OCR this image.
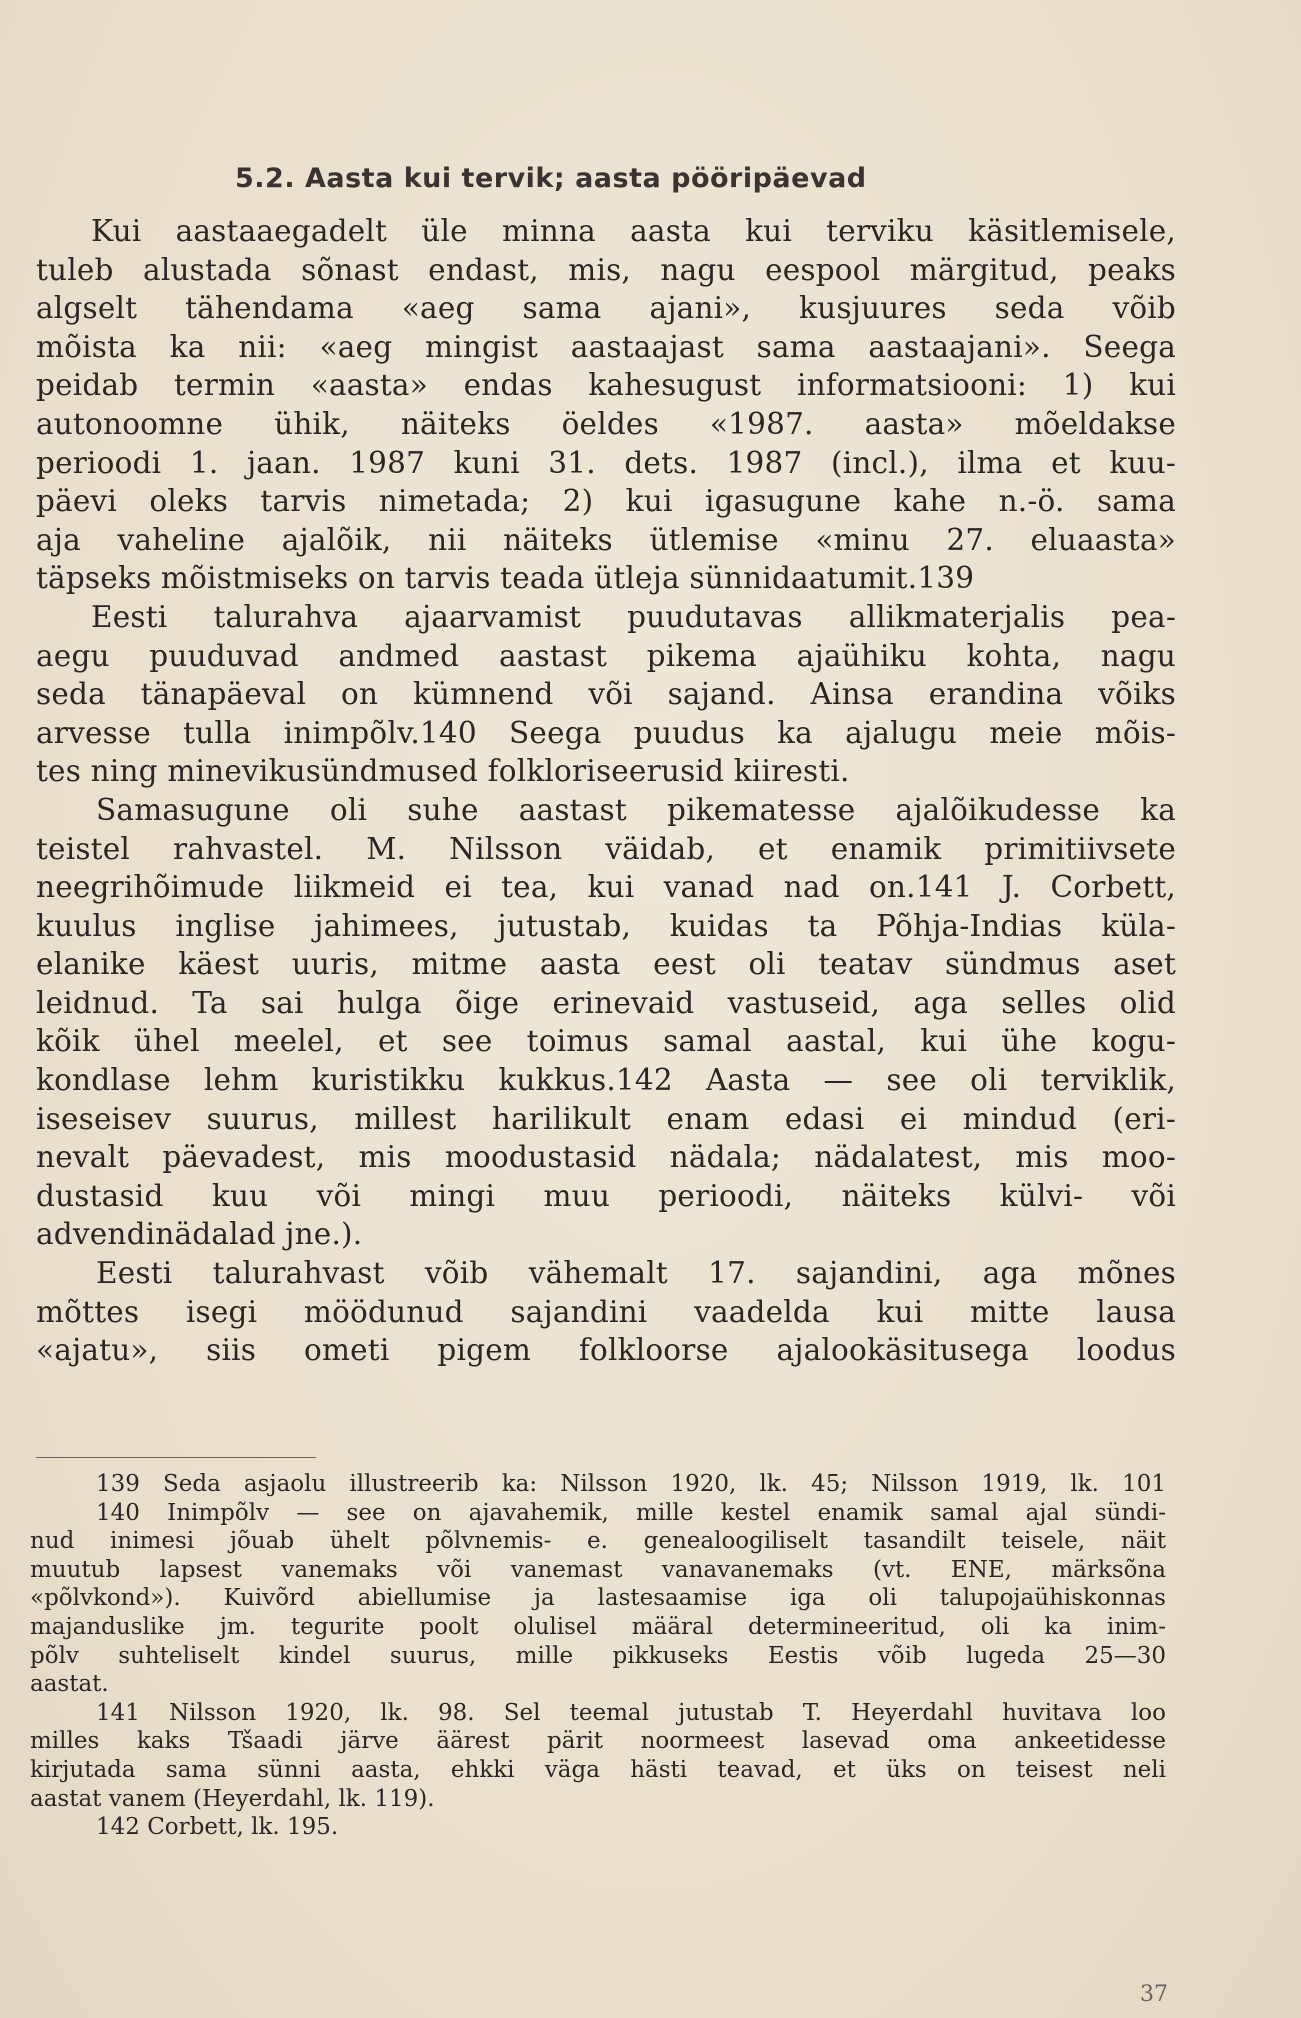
5.2. Aasta kui tervik; aasta pööripäevad
Kui aastaaegadelt üle minna aasta kui terviku käsitlemisele,
tuleb alustada sõnast endast, mis, nagu eespool märgitud, peaks
algselt tähendama «aeg sama ajani», kusjuures seda võib
mõista ka nii: «aeg mingist aastaajast sama aastaajani». Seega
peidab termin «aasta» endas kahesugust informatsiooni: 1) kui
autonoomne ühik, näiteks öeldes «1987. aasta» mõeldakse
perioodi 1. jaan. 1987 kuni 31. dets. 1987 (incl.), ilma et kuu-
päevi oleks tarvis nimetada; 2) kui igasugune kahe n.-ö. sama
aja vaheline ajalõik, nii näiteks ütlemise «minu 27. eluaasta»
täpseks mõistmiseks on tarvis teada ütleja sünnidaatumit.139
Eesti talurahva ajaarvamist puudutavas allikmaterjalis pea-
aegu puuduvad andmed aastast pikema ajaühiku kohta, nagu
seda tänapäeval on kümnend või sajand. Ainsa erandina võiks
arvesse tulla inimpõlv.140 Seega puudus ka ajalugu meie mõis-
tes ning minevikusündmused folkloriseerusid kiiresti.
Samasugune oli suhe aastast pikematesse ajalõikudesse ka
teistel rahvastel. M. Nilsson väidab, et enamik primitiivsete
neegrihõimude liikmeid ei tea, kui vanad nad on.141 J. Corbett,
kuulus inglise jahimees, jutustab, kuidas ta Põhja-Indias küla-
elanike käest uuris, mitme aasta eest oli teatav sündmus aset
leidnud. Ta sai hulga õige erinevaid vastuseid, aga selles olid
kõik ühel meelel, et see toimus samal aastal, kui ühe kogu-
kondlase lehm kuristikku kukkus.142 Aasta — see oli terviklik,
iseseisev suurus, millest harilikult enam edasi ei mindud (eri-
nevalt päevadest, mis moodustasid nädala; nädalatest, mis moo-
dustasid kuu või mingi muu perioodi, näiteks külvi- või
advendinädalad jne.).
Eesti talurahvast võib vähemalt 17. sajandini, aga mõnes
mõttes isegi möödunud sajandini vaadelda kui mitte lausa
«ajatu», siis ometi pigem folkloorse ajalookäsitusega loodus
139 Seda asjaolu illustreerib ka: Nilsson 1920, lk. 45; Nilsson 1919, lk. 101
140 Inimpõlv — see on ajavahemik, mille kestel enamik samal ajal sündi-
nud inimesi jõuab ühelt põlvnemis- e. genealoogiliselt tasandilt teisele, näit
muutub lapsest vanemaks või vanemast vanavanemaks (vt. ENE, märksõna
«põlvkond»). Kuivõrd abiellumise ja lastesaamise iga oli talupojaühiskonnas
majanduslike jm. tegurite poolt olulisel määral determineeritud, oli ka inim-
põlv suhteliselt kindel suurus, mille pikkuseks Eestis võib lugeda 25—30
aastat.
141 Nilsson 1920, lk. 98. Sel teemal jutustab T. Heyerdahl huvitava loo
milles kaks Tšaadi järve äärest pärit noormeest lasevad oma ankeetidesse
kirjutada sama sünni aasta, ehkki väga hästi teavad, et üks on teisest neli
aastat vanem (Heyerdahl, lk. 119).
142 Corbett, lk. 195.
37
